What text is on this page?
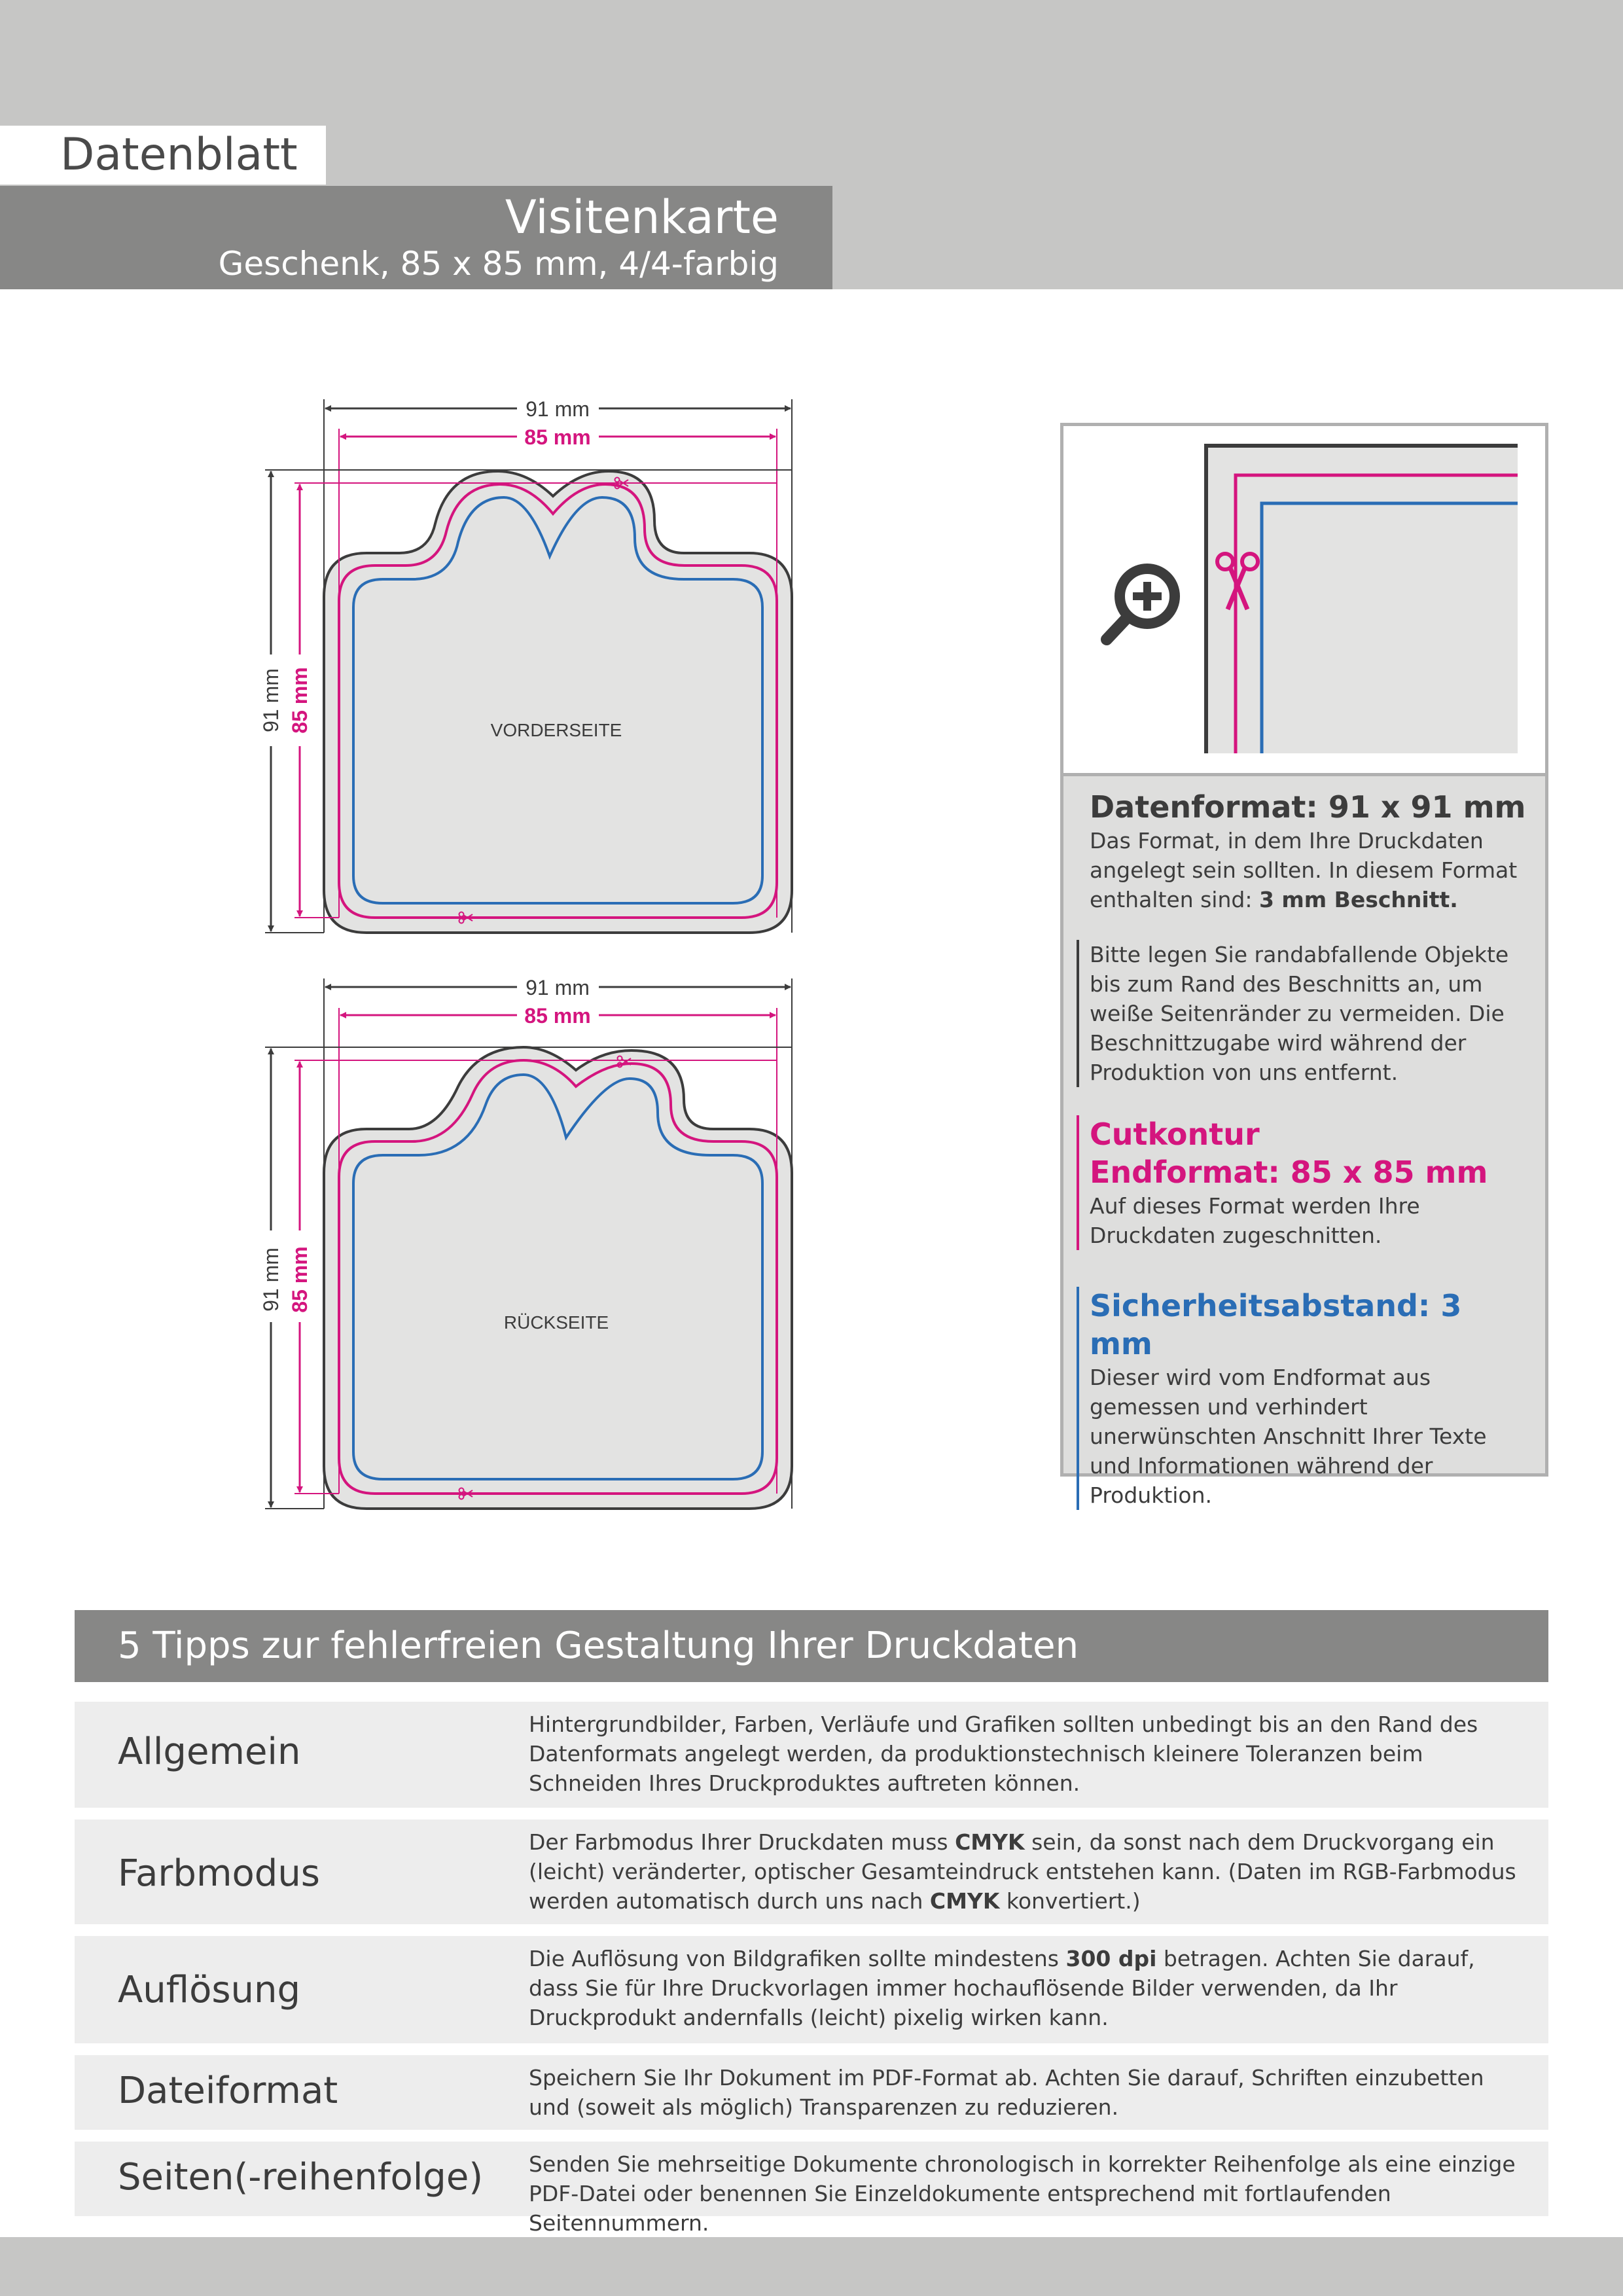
Datenblatt
Visitenkarte
Geschenk, 85 x 85 mm, 4/4-farbig
91 mm
85 mm
91 mm 85 mm	VORDERSEITE
91 mm
85 mm
91 mm 85 mm
RÜCKSEITE
Datenformat: 91 x 91 mm
Das Format, in dem Ihre Druckdaten angelegt sein sollten. In diesem Format enthalten sind: 3 mm Beschnitt.
Bitte legen Sie randabfallende Objekte bis zum Rand des Beschnitts an, um weiße Seitenränder zu vermeiden. Die Beschnittzugabe wird während der Produktion von uns entfernt.
Cutkontur
Endformat: 85 x 85 mm
Auf dieses Format werden Ihre Druckdaten zugeschnitten.
Sicherheitsabstand: 3 mm
Dieser wird vom Endformat aus gemessen und verhindert unerwünschten Anschnitt Ihrer Texte und Informationen während der Produktion.
5 Tipps zur fehlerfreien Gestaltung Ihrer Druckdaten
Allgemein
Hintergrundbilder, Farben, Verläufe und Grafiken sollten unbedingt bis an den Rand des Datenformats angelegt werden, da produktionstechnisch kleinere Toleranzen beim Schneiden Ihres Druckproduktes auftreten können.
Farbmodus
Der Farbmodus Ihrer Druckdaten muss CMYK sein, da sonst nach dem Druckvorgang ein (leicht) veränderter, optischer Gesamteindruck entstehen kann. (Daten im RGB-Farbmodus werden automatisch durch uns nach CMYK konvertiert.)
Auflösung
Die Auflösung von Bildgrafiken sollte mindestens 300 dpi betragen. Achten Sie darauf, dass Sie für Ihre Druckvorlagen immer hochauflösende Bilder verwenden, da Ihr Druckprodukt andernfalls (leicht) pixelig wirken kann.
Dateiformat	Speichern Sie Ihr Dokument im PDF-Format ab. Achten Sie darauf, Schriften einzubetten und (soweit als möglich) Transparenzen zu reduzieren.
Seiten(-reihenfolge) Senden Sie mehrseitige Dokumente chronologisch in korrekter Reihenfolge als eine einzige PDF-Datei oder benennen Sie Einzeldokumente entsprechend mit fortlaufenden Seitennummern.
